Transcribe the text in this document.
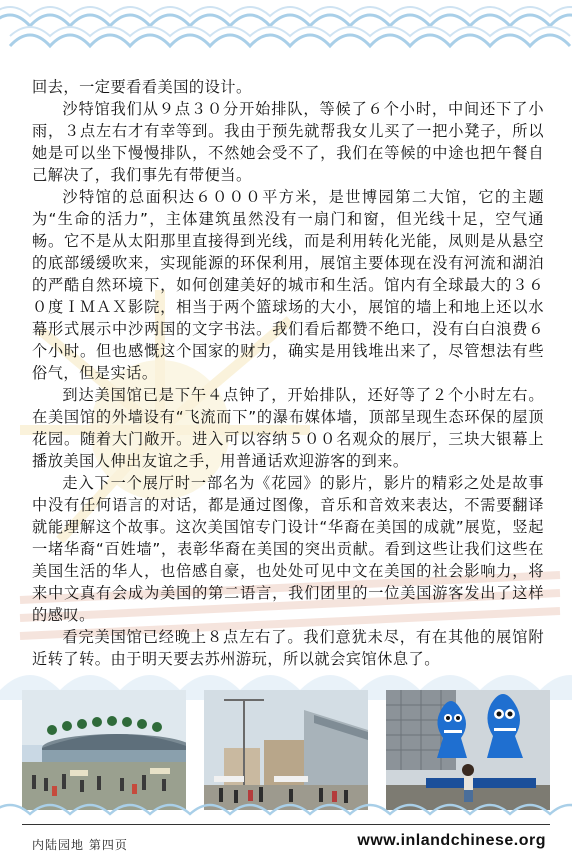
回去，一定要看看美国的设计。

沙特馆我们从９点３０分开始排队，等候了６个小时，中间还下了小雨，３点左右才有幸等到。我由于预先就帮我女儿买了一把小凳子，所以她是可以坐下慢慢排队，不然她会受不了，我们在等候的中途也把午餐自己解决了，我们事先有带便当。

沙特馆的总面积达６０００平方米，是世博园第二大馆，它的主题为“生命的活力”，主体建筑虽然没有一扇门和窗，但光线十足，空气通畅。它不是从太阳那里直接得到光线，而是利用转化光能，凤则是从悬空的底部缓缓吹来，实现能源的环保利用，展馆主要体现在没有河流和湖泊的严酷自然环境下，如何创建美好的城市和生活。馆内有全球最大的３６０度ＩＭＡＸ影院，相当于两个篮球场的大小，展馆的墙上和地上还以水幕形式展示中沙两国的文字书法。我们看后都赞不绝口，没有白白浪费６个小时。但也感慨这个国家的财力，确实是用钱堆出来了，尽管想法有些俗气，但是实话。

到达美国馆已是下午４点钟了，开始排队，还好等了２个小时左右。在美国馆的外墙设有“飞流而下”的瀑布媒体墙，顶部呈现生态环保的屋顶花园。随着大门敞开。进入可以容纳５００名观众的展厅，三块大银幕上播放美国人伸出友谊之手，用普通话欢迎游客的到来。

走入下一个展厅时一部名为《花园》的影片，影片的精彩之处是故事中没有任何语言的对话，都是通过图像，音乐和音效来表达，不需要翻译就能理解这个故事。这次美国馆专门设计“华裔在美国的成就”展览，竖起一堵华裔“百姓墙”，表彰华裔在美国的突出贡献。看到这些让我们这些在美国生活的华人，也倍感自豪，也处处可见中文在美国的社会影响力，将来中文真有会成为美国的第二语言，我们团里的一位美国游客发出了这样的感叹。

看完美国馆已经晚上８点左右了。我们意犹未尽，有在其他的展馆附近转了转。由于明天要去苏州游玩，所以就会宾馆休息了。

内陆园地 第四页	www.inlandchinese.org
